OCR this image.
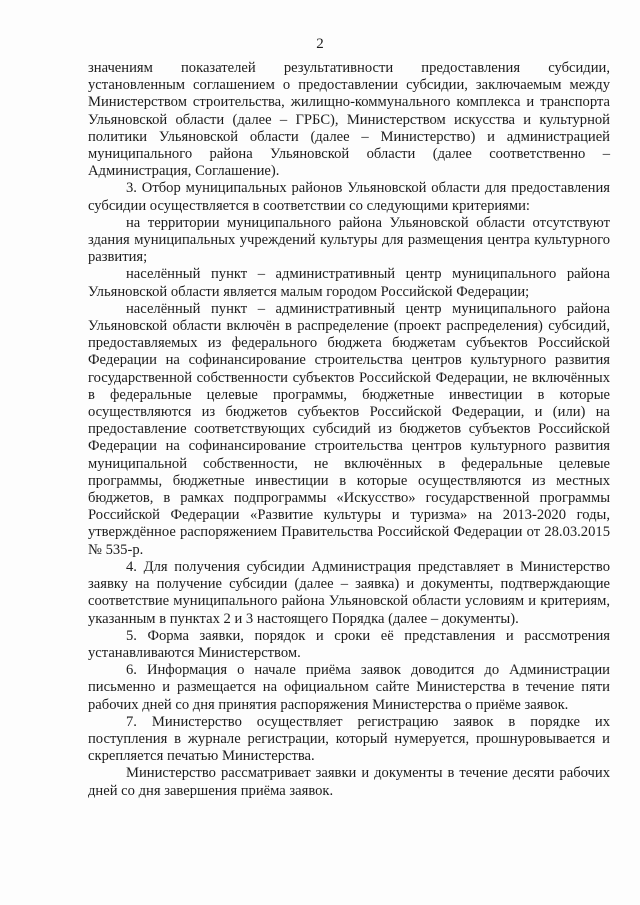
2

значениям показателей результативности предоставления субсидии, установленным соглашением о предоставлении субсидии, заключаемым между Министерством строительства, жилищно-коммунального комплекса и транспорта Ульяновской области (далее – ГРБС), Министерством искусства и культурной политики Ульяновской области (далее – Министерство) и администрацией муниципального района Ульяновской области (далее соответственно – Администрация, Соглашение).

3. Отбор муниципальных районов Ульяновской области для предоставления субсидии осуществляется в соответствии со следующими критериями:

на территории муниципального района Ульяновской области отсутствуют здания муниципальных учреждений культуры для размещения центра культурного развития;

населённый пункт – административный центр муниципального района Ульяновской области является малым городом Российской Федерации;

населённый пункт – административный центр муниципального района Ульяновской области включён в распределение (проект распределения) субсидий, предоставляемых из федерального бюджета бюджетам субъектов Российской Федерации на софинансирование строительства центров культурного развития государственной собственности субъектов Российской Федерации, не включённых в федеральные целевые программы, бюджетные инвестиции в которые осуществляются из бюджетов субъектов Российской Федерации, и (или) на предоставление соответствующих субсидий из бюджетов субъектов Российской Федерации на софинансирование строительства центров культурного развития муниципальной собственности, не включённых в федеральные целевые программы, бюджетные инвестиции в которые осуществляются из местных бюджетов, в рамках подпрограммы «Искусство» государственной программы Российской Федерации «Развитие культуры и туризма» на 2013-2020 годы, утверждённое распоряжением Правительства Российской Федерации от 28.03.2015 № 535-р.

4. Для получения субсидии Администрация представляет в Министерство заявку на получение субсидии (далее – заявка) и документы, подтверждающие соответствие муниципального района Ульяновской области условиям и критериям, указанным в пунктах 2 и 3 настоящего Порядка (далее – документы).

5. Форма заявки, порядок и сроки её представления и рассмотрения устанавливаются Министерством.

6. Информация о начале приёма заявок доводится до Администрации письменно и размещается на официальном сайте Министерства в течение пяти рабочих дней со дня принятия распоряжения Министерства о приёме заявок.

7. Министерство осуществляет регистрацию заявок в порядке их поступления в журнале регистрации, который нумеруется, прошнуровывается и скрепляется печатью Министерства.

Министерство рассматривает заявки и документы в течение десяти рабочих дней со дня завершения приёма заявок.
